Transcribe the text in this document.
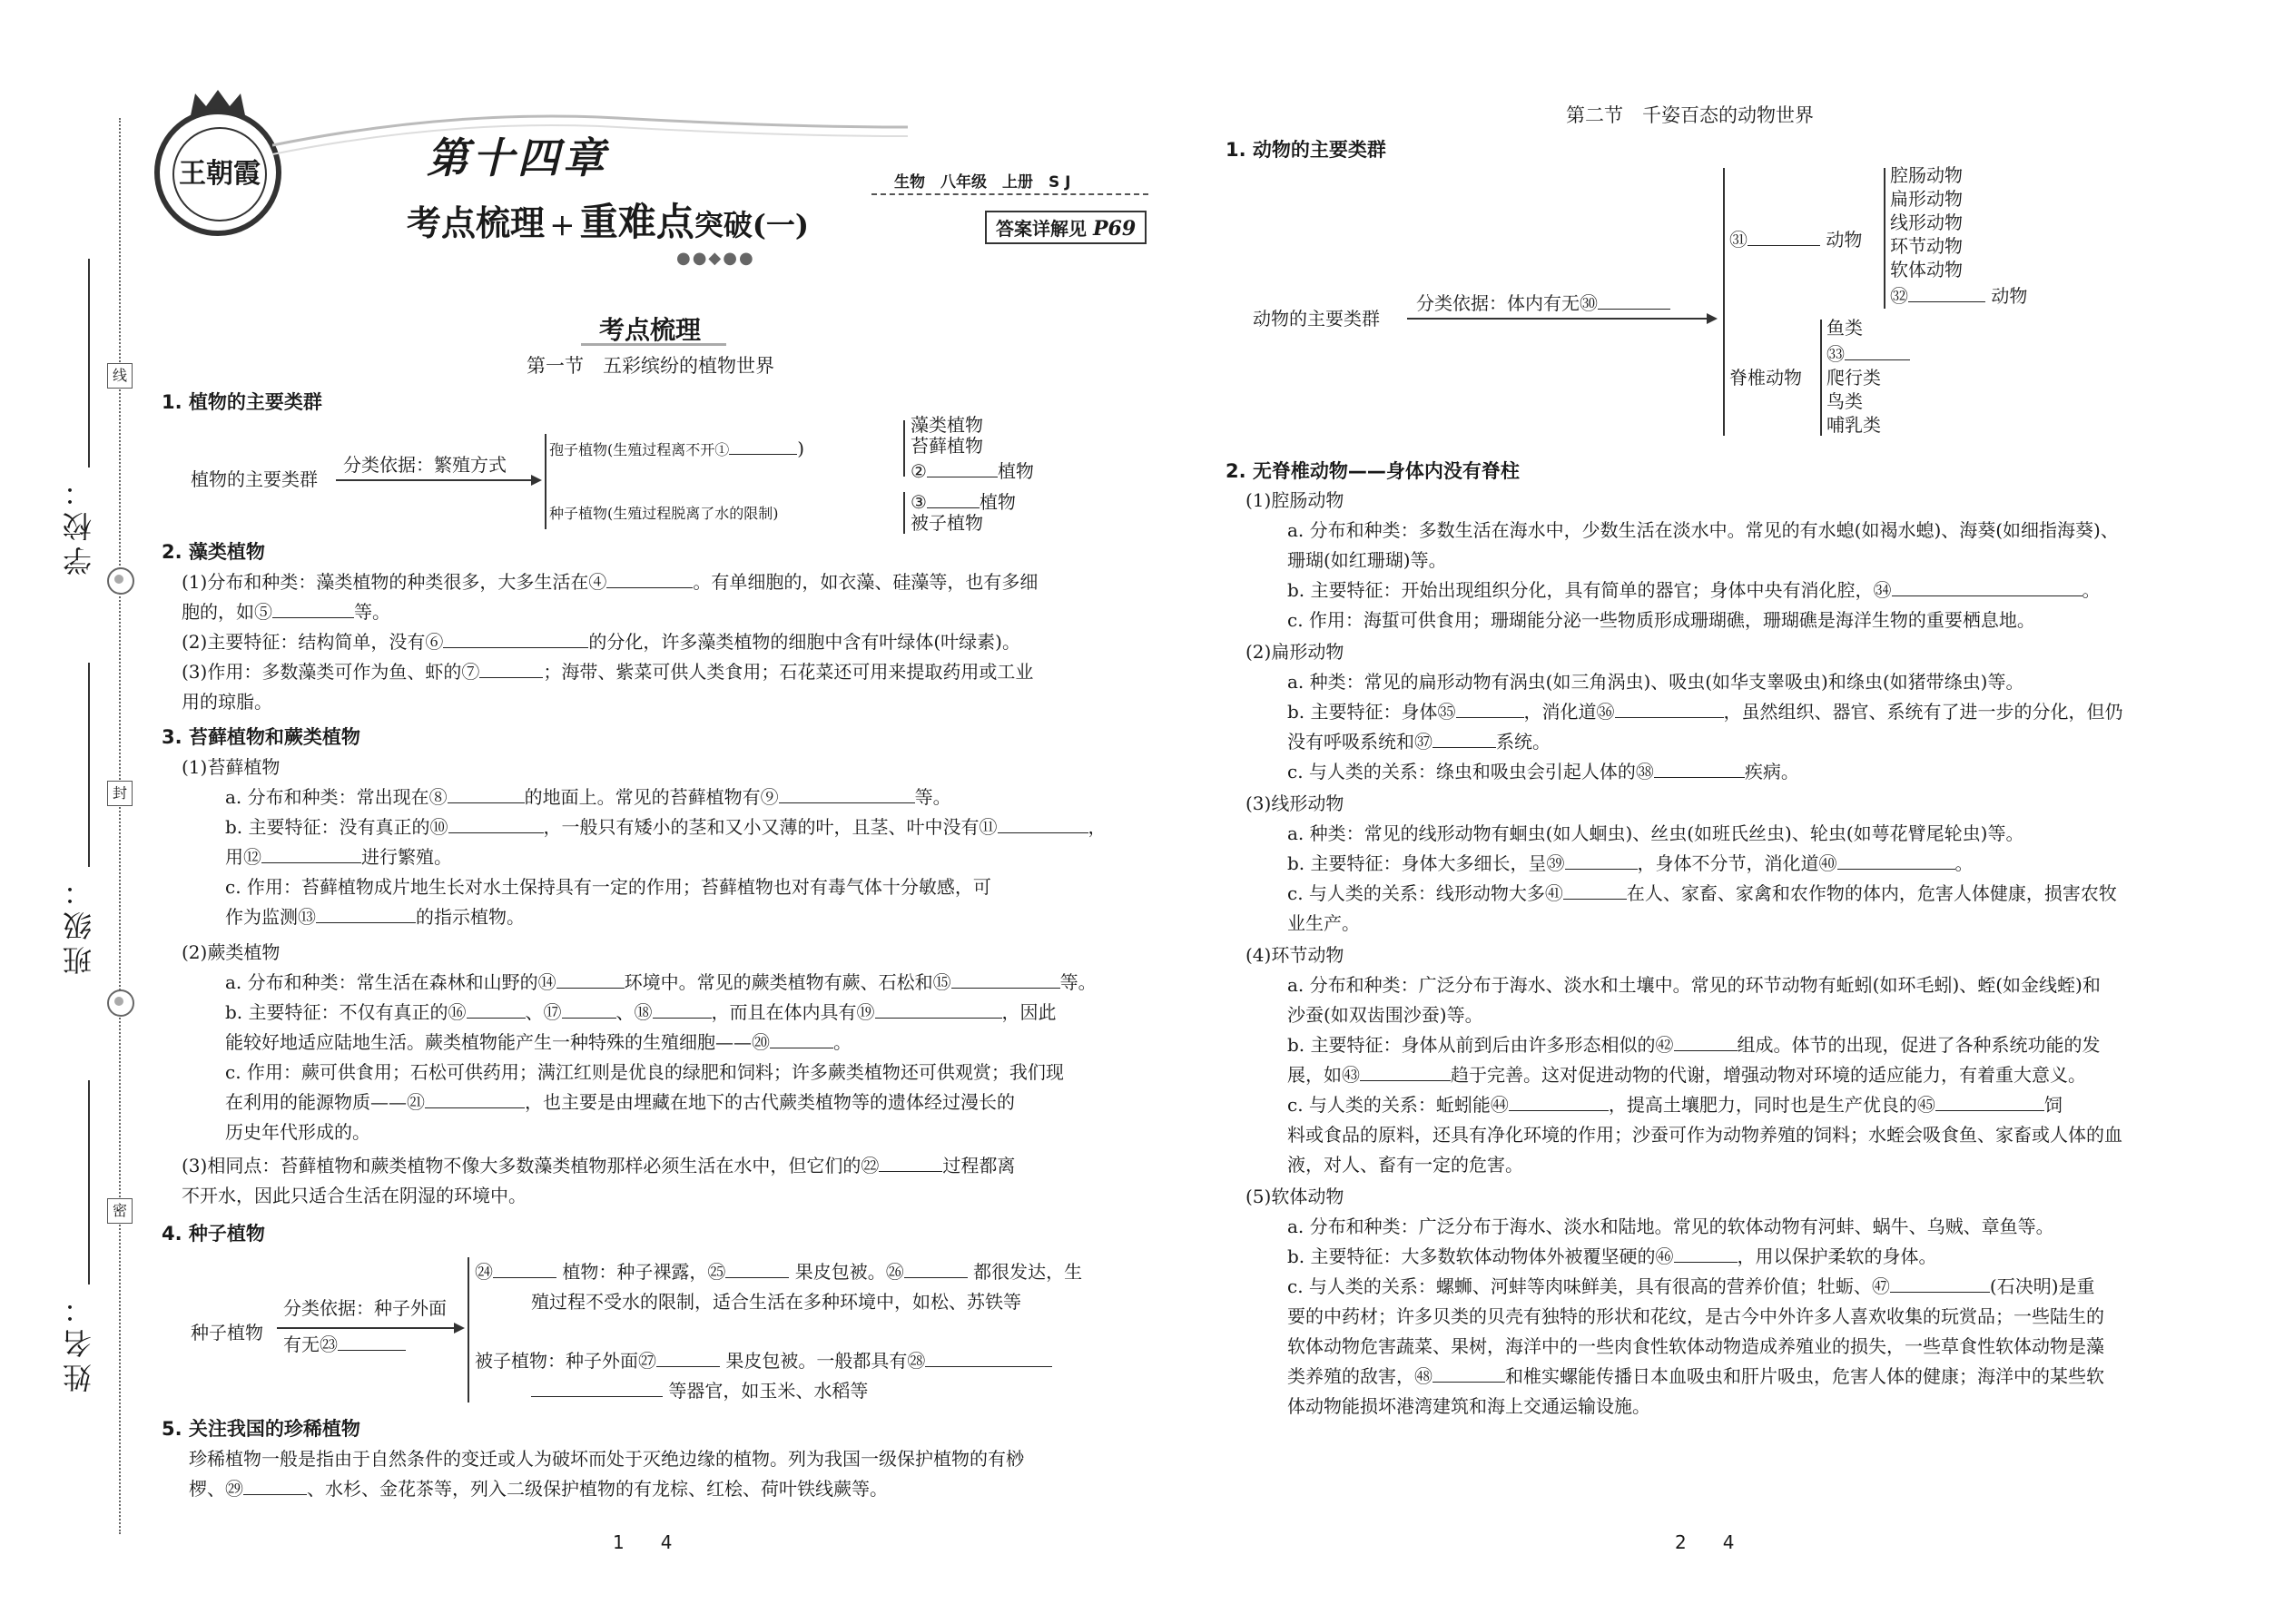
学校：
班级：
姓名：
线
封
密
王朝霞	第十四章
考点梳理 + 重难点突破(一)
生物　八年级　上册　S J
答案详解见 P69
●●◆●●
考点梳理
第一节　五彩缤纷的植物世界
1. 植物的主要类群
植物的主要类群
分类依据：繁殖方式
孢子植物(生殖过程离不开①	)
藻类植物
苔藓植物
②	植物
种子植物(生殖过程脱离了水的限制)
③	植物
被子植物
2. 藻类植物
(1)分布和种类：藻类植物的种类很多，大多生活在④	。有单细胞的，如衣藻、硅藻等，也有多细
胞的，如⑤	等。
(2)主要特征：结构简单，没有⑥	的分化，许多藻类植物的细胞中含有叶绿体(叶绿素)。
(3)作用：多数藻类可作为鱼、虾的⑦	；海带、紫菜可供人类食用；石花菜还可用来提取药用或工业
用的琼脂。
3. 苔藓植物和蕨类植物
(1)苔藓植物
a. 分布和种类：常出现在⑧	的地面上。常见的苔藓植物有⑨	等。
b. 主要特征：没有真正的⑩	，一般只有矮小的茎和又小又薄的叶，且茎、叶中没有⑪	，
用⑫	进行繁殖。
c. 作用：苔藓植物成片地生长对水土保持具有一定的作用；苔藓植物也对有毒气体十分敏感，可
作为监测⑬	的指示植物。
(2)蕨类植物
a. 分布和种类：常生活在森林和山野的⑭	环境中。常见的蕨类植物有蕨、石松和⑮	等。
b. 主要特征：不仅有真正的⑯	、⑰	、⑱	，而且在体内具有⑲	，因此
能较好地适应陆地生活。蕨类植物能产生一种特殊的生殖细胞——⑳	。
c. 作用：蕨可供食用；石松可供药用；满江红则是优良的绿肥和饲料；许多蕨类植物还可供观赏；我们现
在利用的能源物质——㉑	，也主要是由埋藏在地下的古代蕨类植物等的遗体经过漫长的
历史年代形成的。
(3)相同点：苔藓植物和蕨类植物不像大多数藻类植物那样必须生活在水中，但它们的㉒	过程都离
不开水，因此只适合生活在阴湿的环境中。
4. 种子植物
种子植物
分类依据：种子外面
有无㉓
㉔	植物：种子裸露，㉕	果皮包被。㉖	都很发达，生
殖过程不受水的限制，适合生活在多种环境中，如松、苏铁等
被子植物：种子外面㉗	果皮包被。一般都具有㉘
等器官，如玉米、水稻等
5. 关注我国的珍稀植物
珍稀植物一般是指由于自然条件的变迁或人为破坏而处于灭绝边缘的植物。列为我国一级保护植物的有桫
椤、㉙	、水杉、金花茶等，列入二级保护植物的有龙棕、红桧、荷叶铁线蕨等。
1　　4
第二节　千姿百态的动物世界
1. 动物的主要类群
动物的主要类群
分类依据：体内有无㉚
㉛	动物
腔肠动物
扁形动物
线形动物
环节动物
软体动物
㉜	动物
脊椎动物
鱼类
㉝
爬行类
鸟类
哺乳类
2. 无脊椎动物——身体内没有脊柱
(1)腔肠动物
a. 分布和种类：多数生活在海水中，少数生活在淡水中。常见的有水螅(如褐水螅)、海葵(如细指海葵)、
珊瑚(如红珊瑚)等。
b. 主要特征：开始出现组织分化，具有简单的器官；身体中央有消化腔，㉞	。
c. 作用：海蜇可供食用；珊瑚能分泌一些物质形成珊瑚礁，珊瑚礁是海洋生物的重要栖息地。
(2)扁形动物
a. 种类：常见的扁形动物有涡虫(如三角涡虫)、吸虫(如华支睾吸虫)和绦虫(如猪带绦虫)等。
b. 主要特征：身体㉟	，消化道㊱	，虽然组织、器官、系统有了进一步的分化，但仍
没有呼吸系统和㊲	系统。
c. 与人类的关系：绦虫和吸虫会引起人体的㊳	疾病。
(3)线形动物
a. 种类：常见的线形动物有蛔虫(如人蛔虫)、丝虫(如班氏丝虫)、轮虫(如萼花臂尾轮虫)等。
b. 主要特征：身体大多细长，呈㊴	，身体不分节，消化道㊵	。
c. 与人类的关系：线形动物大多㊶	在人、家畜、家禽和农作物的体内，危害人体健康，损害农牧
业生产。
(4)环节动物
a. 分布和种类：广泛分布于海水、淡水和土壤中。常见的环节动物有蚯蚓(如环毛蚓)、蛭(如金线蛭)和
沙蚕(如双齿围沙蚕)等。
b. 主要特征：身体从前到后由许多形态相似的㊷	组成。体节的出现，促进了各种系统功能的发
展，如㊸	趋于完善。这对促进动物的代谢，增强动物对环境的适应能力，有着重大意义。
c. 与人类的关系：蚯蚓能㊹	，提高土壤肥力，同时也是生产优良的㊺	饲
料或食品的原料，还具有净化环境的作用；沙蚕可作为动物养殖的饲料；水蛭会吸食鱼、家畜或人体的血
液，对人、畜有一定的危害。
(5)软体动物
a. 分布和种类：广泛分布于海水、淡水和陆地。常见的软体动物有河蚌、蜗牛、乌贼、章鱼等。
b. 主要特征：大多数软体动物体外被覆坚硬的㊻	，用以保护柔软的身体。
c. 与人类的关系：螺蛳、河蚌等肉味鲜美，具有很高的营养价值；牡蛎、㊼	(石决明)是重
要的中药材；许多贝类的贝壳有独特的形状和花纹，是古今中外许多人喜欢收集的玩赏品；一些陆生的
软体动物危害蔬菜、果树，海洋中的一些肉食性软体动物造成养殖业的损失，一些草食性软体动物是藻
类养殖的敌害，㊽	和椎实螺能传播日本血吸虫和肝片吸虫，危害人体的健康；海洋中的某些软
体动物能损坏港湾建筑和海上交通运输设施。
2　　4
